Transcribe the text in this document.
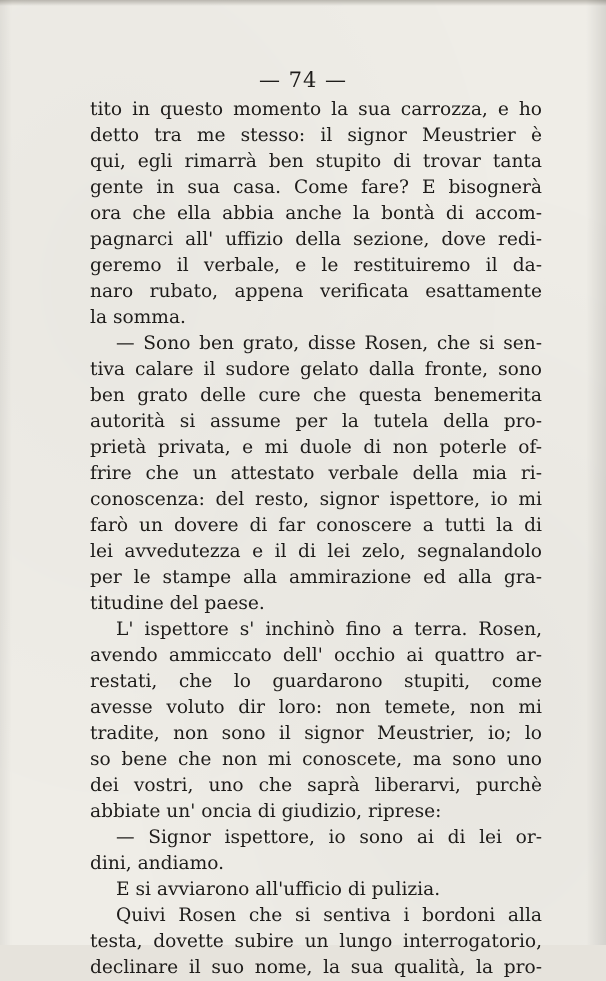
— 74 —
tito in questo momento la sua carrozza, e ho
detto tra me stesso: il signor Meustrier è
qui, egli rimarrà ben stupito di trovar tanta
gente in sua casa. Come fare? E bisognerà
ora che ella abbia anche la bontà di accom-
pagnarci all' uffizio della sezione, dove redi-
geremo il verbale, e le restituiremo il da-
naro rubato, appena verificata esattamente
la somma.
— Sono ben grato, disse Rosen, che si sen-
tiva calare il sudore gelato dalla fronte, sono
ben grato delle cure che questa benemerita
autorità si assume per la tutela della pro-
prietà privata, e mi duole di non poterle of-
frire che un attestato verbale della mia ri-
conoscenza: del resto, signor ispettore, io mi
farò un dovere di far conoscere a tutti la di
lei avvedutezza e il di lei zelo, segnalandolo
per le stampe alla ammirazione ed alla gra-
titudine del paese.
L' ispettore s' inchinò fino a terra. Rosen,
avendo ammiccato dell' occhio ai quattro ar-
restati, che lo guardarono stupiti, come
avesse voluto dir loro: non temete, non mi
tradite, non sono il signor Meustrier, io; lo
so bene che non mi conoscete, ma sono uno
dei vostri, uno che saprà liberarvi, purchè
abbiate un' oncia di giudizio, riprese:
— Signor ispettore, io sono ai di lei or-
dini, andiamo.
E si avviarono all'ufficio di pulizia.
Quivi Rosen che si sentiva i bordoni alla
testa, dovette subire un lungo interrogatorio,
declinare il suo nome, la sua qualità, la pro-
